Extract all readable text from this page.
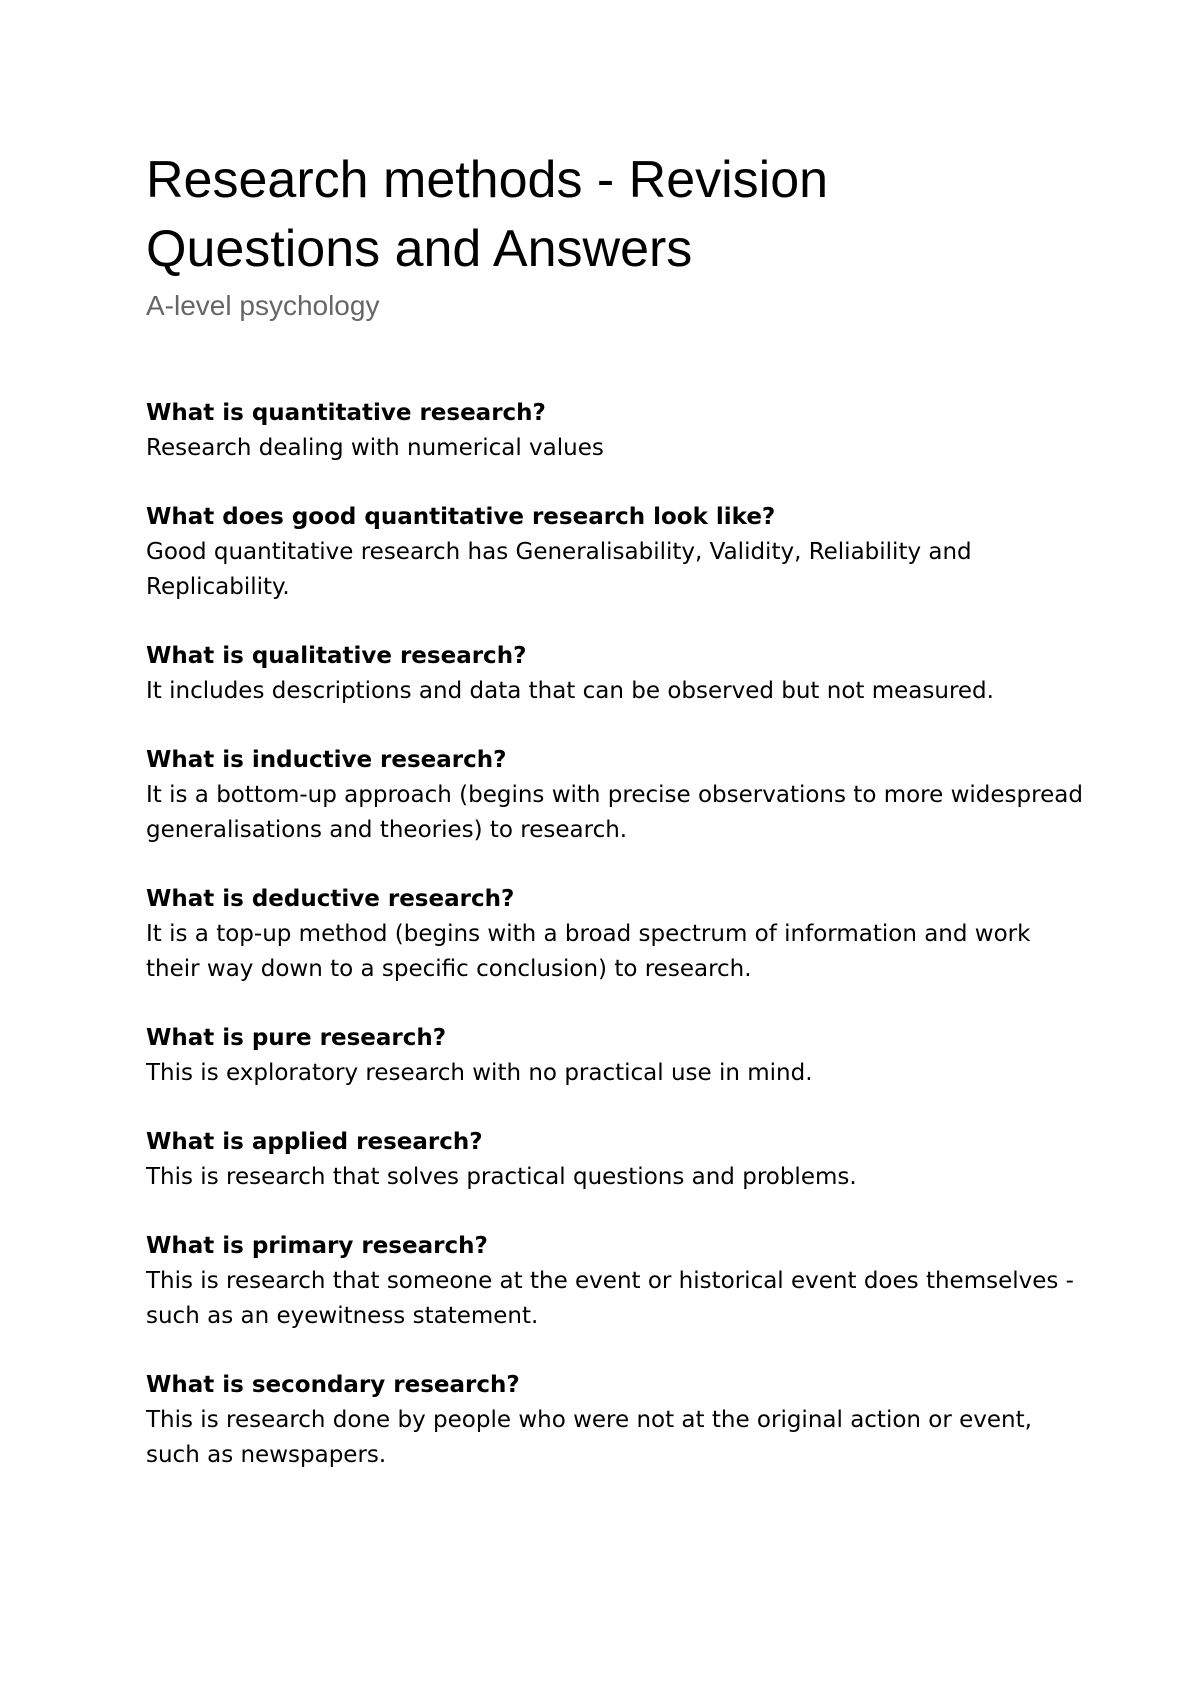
Research methods - Revision
Questions and Answers
A-level psychology

What is quantitative research?

Research dealing with numerical values

What does good quantitative research look like?

Good quantitative research has Generalisability, Validity, Reliability and Replicability.

What is qualitative research?

It includes descriptions and data that can be observed but not measured.

What is inductive research?

It is a bottom-up approach (begins with precise observations to more widespread generalisations and theories) to research.

What is deductive research?

It is a top-up method (begins with a broad spectrum of information and work their way down to a specific conclusion) to research.

What is pure research?

This is exploratory research with no practical use in mind.

What is applied research?

This is research that solves practical questions and problems.

What is primary research?

This is research that someone at the event or historical event does themselves - such as an eyewitness statement.

What is secondary research?

This is research done by people who were not at the original action or event, such as newspapers.
